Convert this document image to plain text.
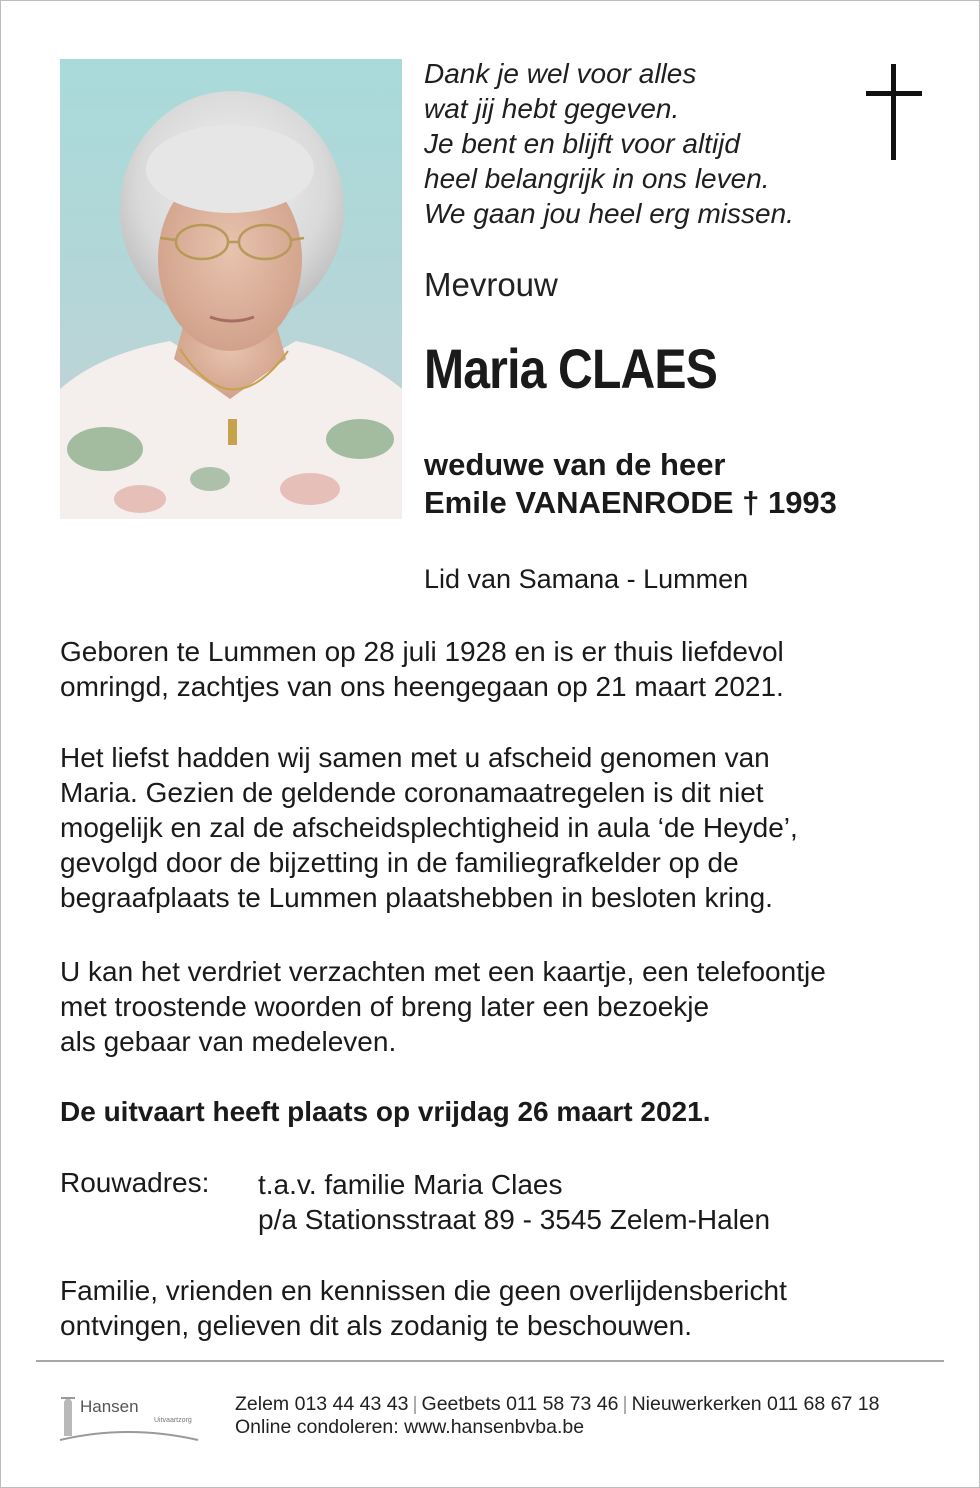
Dank je wel voor alles
wat jij hebt gegeven.
Je bent en blijft voor altijd
heel belangrijk in ons leven.
We gaan jou heel erg missen.
Mevrouw
Maria CLAES
weduwe van de heer
Emile VANAENRODE † 1993
Lid van Samana - Lummen
Geboren te Lummen op 28 juli 1928 en is er thuis liefdevol
omringd, zachtjes van ons heengegaan op 21 maart 2021.
Het liefst hadden wij samen met u afscheid genomen van
Maria. Gezien de geldende coronamaatregelen is dit niet
mogelijk en zal de afscheidsplechtigheid in aula ‘de Heyde’,
gevolgd door de bijzetting in de familiegrafkelder op de
begraafplaats te Lummen plaatshebben in besloten kring.
U kan het verdriet verzachten met een kaartje, een telefoontje
met troostende woorden of breng later een bezoekje
als gebaar van medeleven.
De uitvaart heeft plaats op vrijdag 26 maart 2021.
Rouwadres: t.a.v. familie Maria Claes
p/a Stationsstraat 89 - 3545 Zelem-Halen
Familie, vrienden en kennissen die geen overlijdensbericht
ontvingen, gelieven dit als zodanig te beschouwen.
Hansen
Uitvaartzorg
Zelem 013 44 43 43 | Geetbets 011 58 73 46 | Nieuwerkerken 011 68 67 18
Online condoleren: www.hansenbvba.be
